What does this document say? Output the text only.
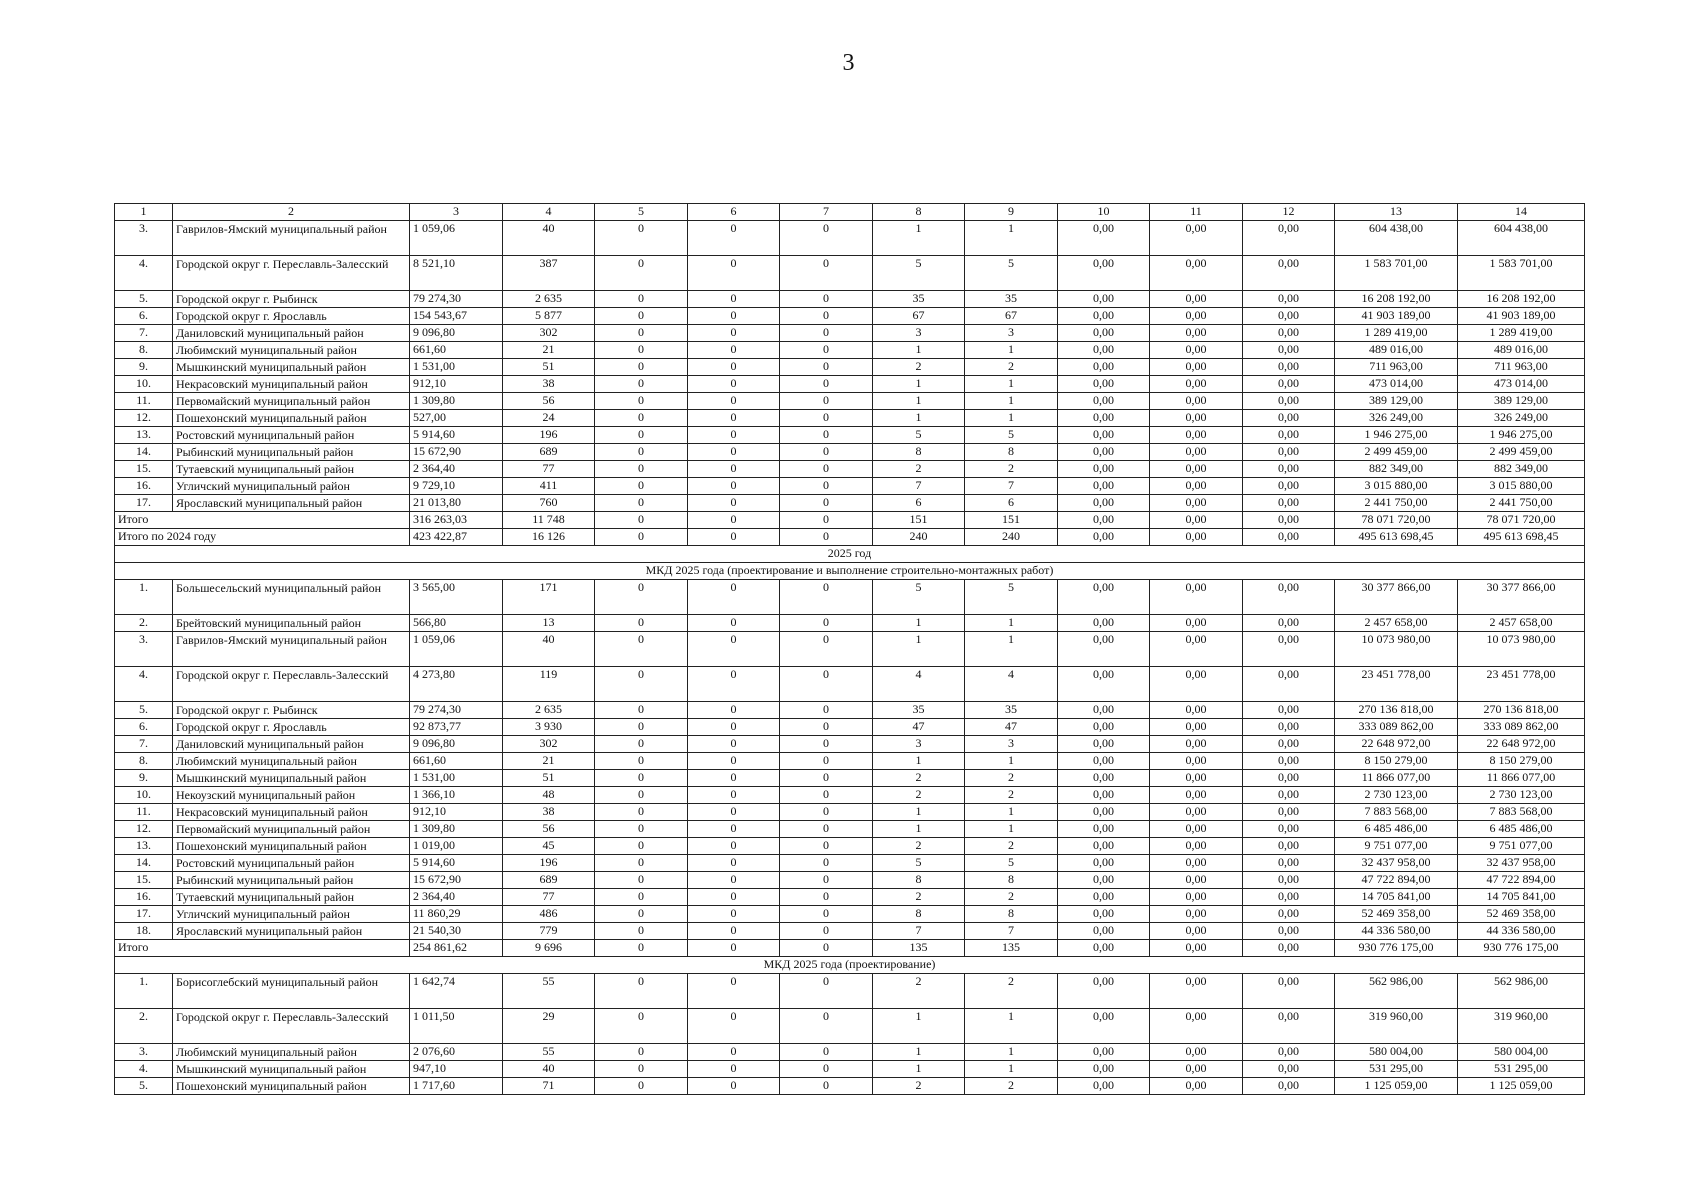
3
1	2	3	4	5	6	7	8	9	10	11	12	13	14
3.	Гаврилов-Ямский муниципальный район	1 059,06	40	0	0	0	1	1	0,00	0,00	0,00	604 438,00	604 438,00
4.	Городской округ г. Переславль-Залесский	8 521,10	387	0	0	0	5	5	0,00	0,00	0,00	1 583 701,00	1 583 701,00
5.	Городской округ г. Рыбинск	79 274,30	2 635	0	0	0	35	35	0,00	0,00	0,00	16 208 192,00	16 208 192,00
6.	Городской округ г. Ярославль	154 543,67	5 877	0	0	0	67	67	0,00	0,00	0,00	41 903 189,00	41 903 189,00
7.	Даниловский муниципальный район	9 096,80	302	0	0	0	3	3	0,00	0,00	0,00	1 289 419,00	1 289 419,00
8.	Любимский муниципальный район	661,60	21	0	0	0	1	1	0,00	0,00	0,00	489 016,00	489 016,00
9.	Мышкинский муниципальный район	1 531,00	51	0	0	0	2	2	0,00	0,00	0,00	711 963,00	711 963,00
10.	Некрасовский муниципальный район	912,10	38	0	0	0	1	1	0,00	0,00	0,00	473 014,00	473 014,00
11.	Первомайский муниципальный район	1 309,80	56	0	0	0	1	1	0,00	0,00	0,00	389 129,00	389 129,00
12.	Пошехонский муниципальный район	527,00	24	0	0	0	1	1	0,00	0,00	0,00	326 249,00	326 249,00
13.	Ростовский муниципальный район	5 914,60	196	0	0	0	5	5	0,00	0,00	0,00	1 946 275,00	1 946 275,00
14.	Рыбинский муниципальный район	15 672,90	689	0	0	0	8	8	0,00	0,00	0,00	2 499 459,00	2 499 459,00
15.	Тутаевский муниципальный район	2 364,40	77	0	0	0	2	2	0,00	0,00	0,00	882 349,00	882 349,00
16.	Угличский муниципальный район	9 729,10	411	0	0	0	7	7	0,00	0,00	0,00	3 015 880,00	3 015 880,00
17.	Ярославский муниципальный район	21 013,80	760	0	0	0	6	6	0,00	0,00	0,00	2 441 750,00	2 441 750,00
Итого		316 263,03	11 748	0	0	0	151	151	0,00	0,00	0,00	78 071 720,00	78 071 720,00
Итого по 2024 году		423 422,87	16 126	0	0	0	240	240	0,00	0,00	0,00	495 613 698,45	495 613 698,45
2025 год													
МКД 2025 года (проектирование и выполнение строительно-монтажных работ)													
1.	Большесельский муниципальный район	3 565,00	171	0	0	0	5	5	0,00	0,00	0,00	30 377 866,00	30 377 866,00
2.	Брейтовский муниципальный район	566,80	13	0	0	0	1	1	0,00	0,00	0,00	2 457 658,00	2 457 658,00
3.	Гаврилов-Ямский муниципальный район	1 059,06	40	0	0	0	1	1	0,00	0,00	0,00	10 073 980,00	10 073 980,00
4.	Городской округ г. Переславль-Залесский	4 273,80	119	0	0	0	4	4	0,00	0,00	0,00	23 451 778,00	23 451 778,00
5.	Городской округ г. Рыбинск	79 274,30	2 635	0	0	0	35	35	0,00	0,00	0,00	270 136 818,00	270 136 818,00
6.	Городской округ г. Ярославль	92 873,77	3 930	0	0	0	47	47	0,00	0,00	0,00	333 089 862,00	333 089 862,00
7.	Даниловский муниципальный район	9 096,80	302	0	0	0	3	3	0,00	0,00	0,00	22 648 972,00	22 648 972,00
8.	Любимский муниципальный район	661,60	21	0	0	0	1	1	0,00	0,00	0,00	8 150 279,00	8 150 279,00
9.	Мышкинский муниципальный район	1 531,00	51	0	0	0	2	2	0,00	0,00	0,00	11 866 077,00	11 866 077,00
10.	Некоузский муниципальный район	1 366,10	48	0	0	0	2	2	0,00	0,00	0,00	2 730 123,00	2 730 123,00
11.	Некрасовский муниципальный район	912,10	38	0	0	0	1	1	0,00	0,00	0,00	7 883 568,00	7 883 568,00
12.	Первомайский муниципальный район	1 309,80	56	0	0	0	1	1	0,00	0,00	0,00	6 485 486,00	6 485 486,00
13.	Пошехонский муниципальный район	1 019,00	45	0	0	0	2	2	0,00	0,00	0,00	9 751 077,00	9 751 077,00
14.	Ростовский муниципальный район	5 914,60	196	0	0	0	5	5	0,00	0,00	0,00	32 437 958,00	32 437 958,00
15.	Рыбинский муниципальный район	15 672,90	689	0	0	0	8	8	0,00	0,00	0,00	47 722 894,00	47 722 894,00
16.	Тутаевский муниципальный район	2 364,40	77	0	0	0	2	2	0,00	0,00	0,00	14 705 841,00	14 705 841,00
17.	Угличский муниципальный район	11 860,29	486	0	0	0	8	8	0,00	0,00	0,00	52 469 358,00	52 469 358,00
18.	Ярославский муниципальный район	21 540,30	779	0	0	0	7	7	0,00	0,00	0,00	44 336 580,00	44 336 580,00
Итого		254 861,62	9 696	0	0	0	135	135	0,00	0,00	0,00	930 776 175,00	930 776 175,00
МКД 2025 года (проектирование)													
1.	Борисоглебский муниципальный район	1 642,74	55	0	0	0	2	2	0,00	0,00	0,00	562 986,00	562 986,00
2.	Городской округ г. Переславль-Залесский	1 011,50	29	0	0	0	1	1	0,00	0,00	0,00	319 960,00	319 960,00
3.	Любимский муниципальный район	2 076,60	55	0	0	0	1	1	0,00	0,00	0,00	580 004,00	580 004,00
4.	Мышкинский муниципальный район	947,10	40	0	0	0	1	1	0,00	0,00	0,00	531 295,00	531 295,00
5.	Пошехонский муниципальный район	1 717,60	71	0	0	0	2	2	0,00	0,00	0,00	1 125 059,00	1 125 059,00
